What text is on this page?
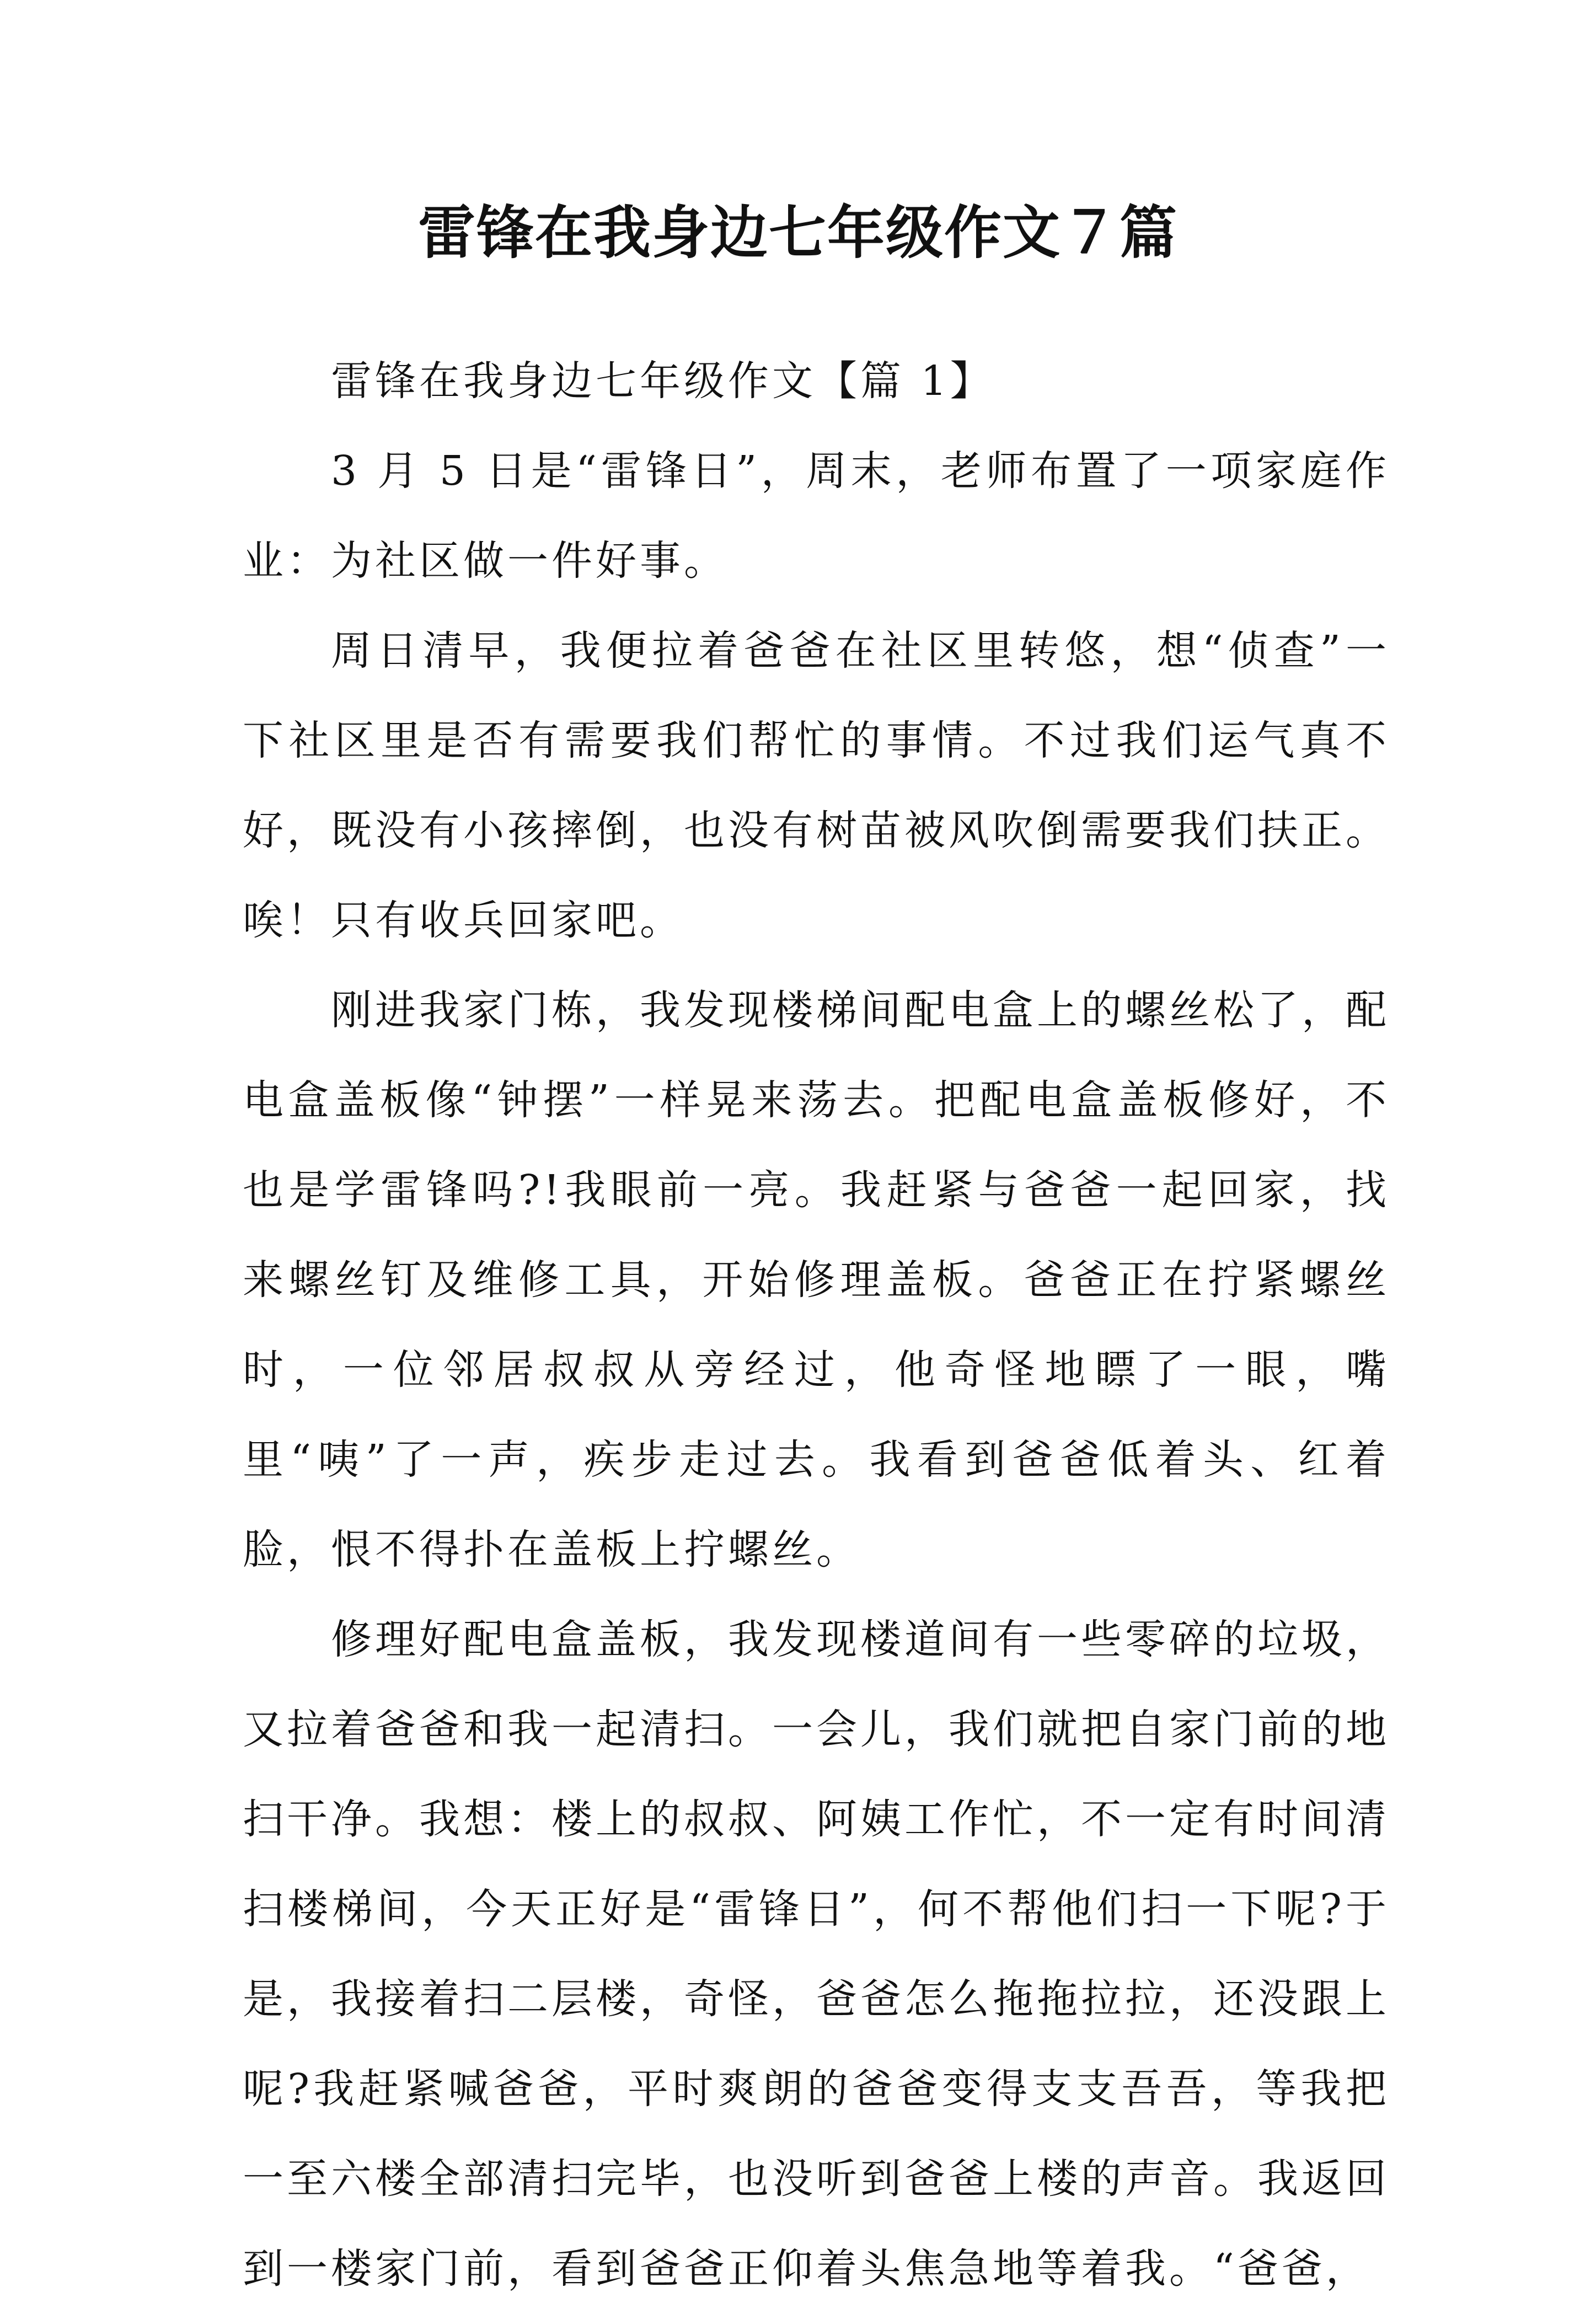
雷锋在我身边七年级作文７篇

雷锋在我身边七年级作文【篇 1】

3 月 5 日是“雷锋日”，周末，老师布置了一项家庭作业：为社区做一件好事。

周日清早，我便拉着爸爸在社区里转悠，想“侦查”一下社区里是否有需要我们帮忙的事情。不过我们运气真不好，既没有小孩摔倒，也没有树苗被风吹倒需要我们扶正。唉！只有收兵回家吧。

刚进我家门栋，我发现楼梯间配电盒上的螺丝松了，配电盒盖板像“钟摆”一样晃来荡去。把配电盒盖板修好，不也是学雷锋吗?!我眼前一亮。我赶紧与爸爸一起回家，找来螺丝钉及维修工具，开始修理盖板。爸爸正在拧紧螺丝时，一位邻居叔叔从旁经过，他奇怪地瞟了一眼，嘴里“咦”了一声，疾步走过去。我看到爸爸低着头、红着脸，恨不得扑在盖板上拧螺丝。

修理好配电盒盖板，我发现楼道间有一些零碎的垃圾，又拉着爸爸和我一起清扫。一会儿，我们就把自家门前的地扫干净。我想：楼上的叔叔、阿姨工作忙，不一定有时间清扫楼梯间，今天正好是“雷锋日”，何不帮他们扫一下呢?于是，我接着扫二层楼，奇怪，爸爸怎么拖拖拉拉，还没跟上呢?我赶紧喊爸爸，平时爽朗的爸爸变得支支吾吾，等我把一至六楼全部清扫完毕，也没听到爸爸上楼的声音。我返回到一楼家门前，看到爸爸正仰着头焦急地等着我。“爸爸，
